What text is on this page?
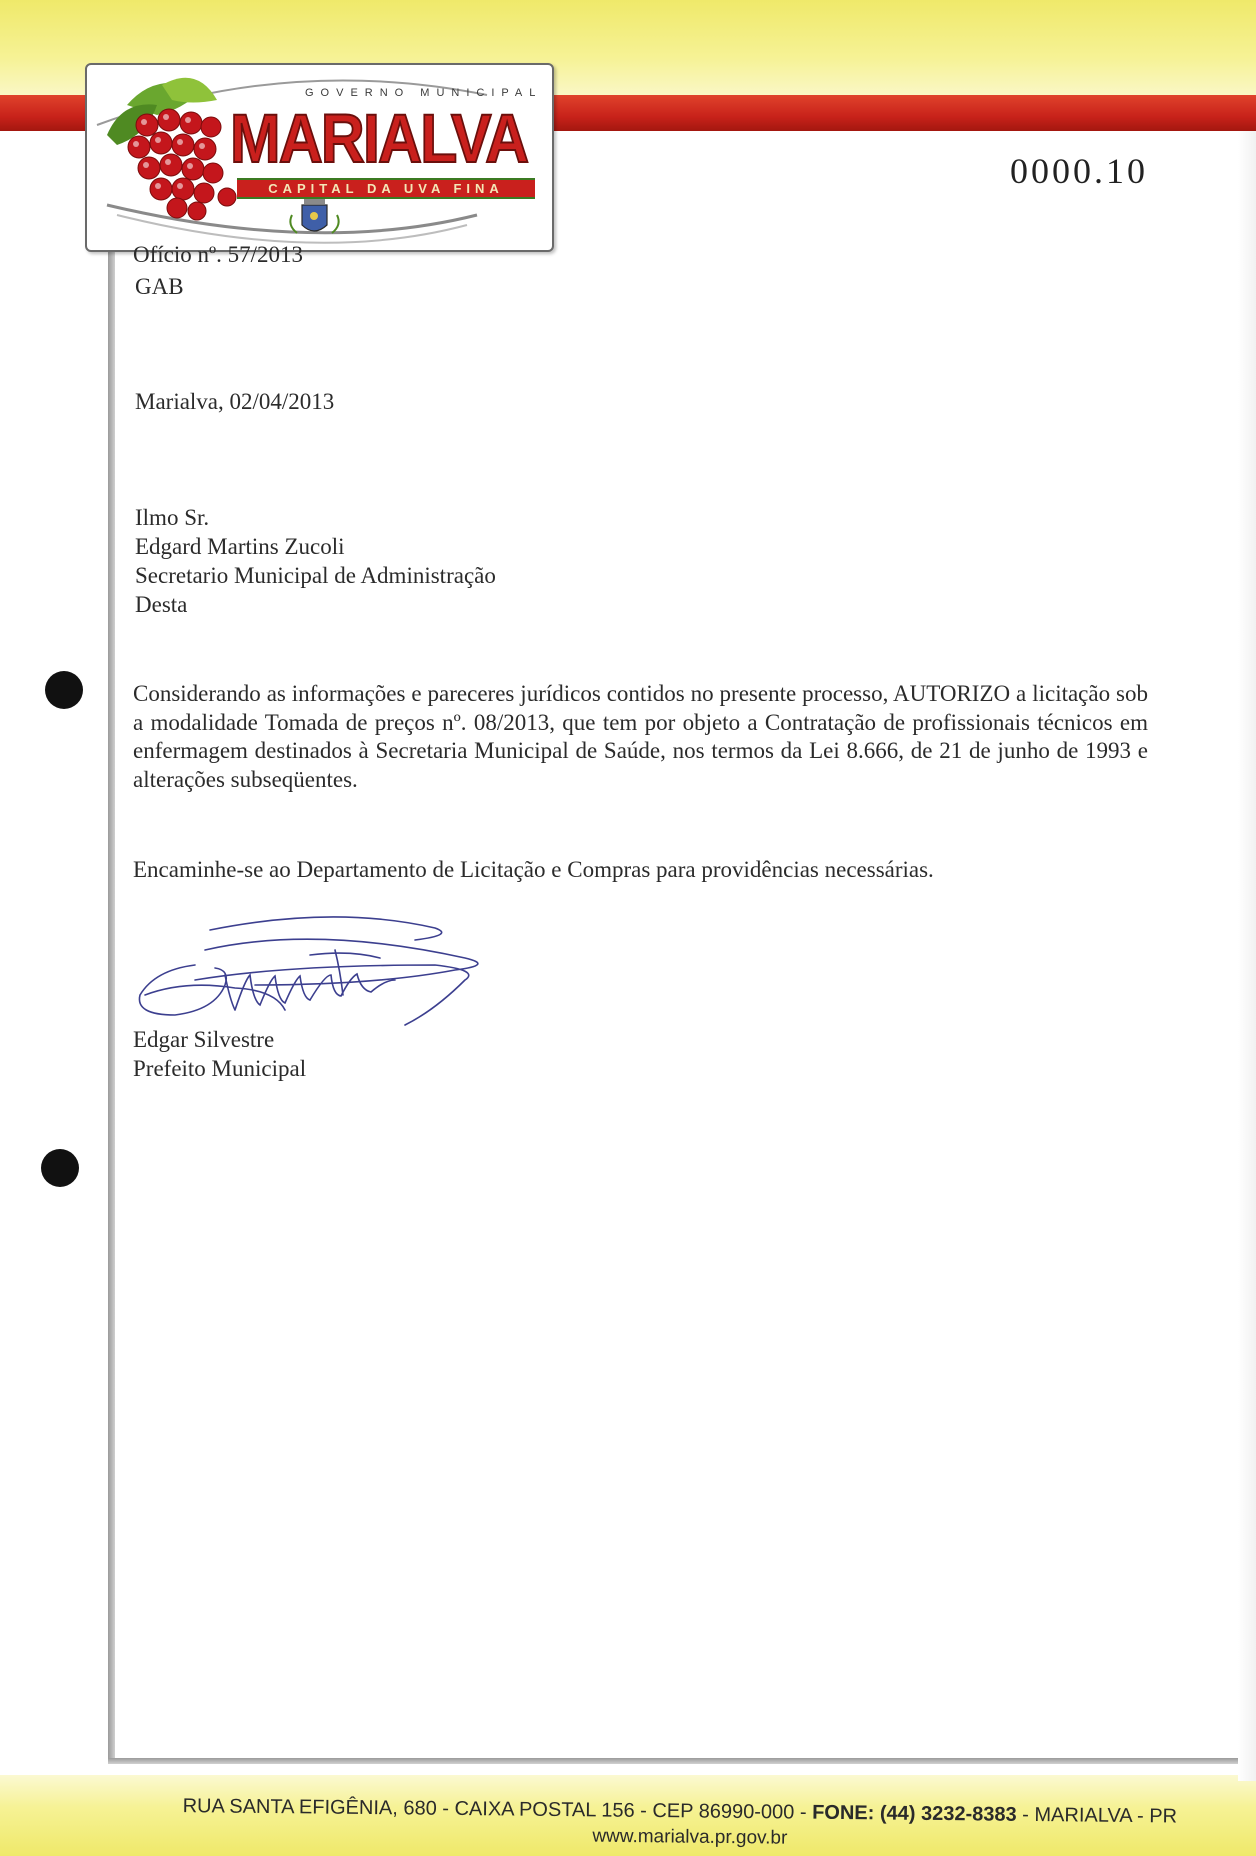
GOVERNO MUNICIPAL
MARIALVA
CAPITAL DA UVA FINA	0000.10
Ofício nº. 57/2013
GAB
Marialva, 02/04/2013
Ilmo Sr.
Edgard Martins Zucoli
Secretario Municipal de Administração
Desta
Considerando as informações e pareceres jurídicos contidos no presente processo, AUTORIZO a licitação sob a modalidade Tomada de preços nº. 08/2013, que tem por objeto a Contratação de profissionais técnicos em enfermagem destinados à Secretaria Municipal de Saúde, nos termos da Lei 8.666, de 21 de junho de 1993 e alterações subseqüentes.
Encaminhe-se ao Departamento de Licitação e Compras para providências necessárias.
Edgar Silvestre
Prefeito Municipal
RUA SANTA EFIGÊNIA, 680 - CAIXA POSTAL 156 - CEP 86990-000 - FONE: (44) 3232-8383 - MARIALVA - PR
www.marialva.pr.gov.br
